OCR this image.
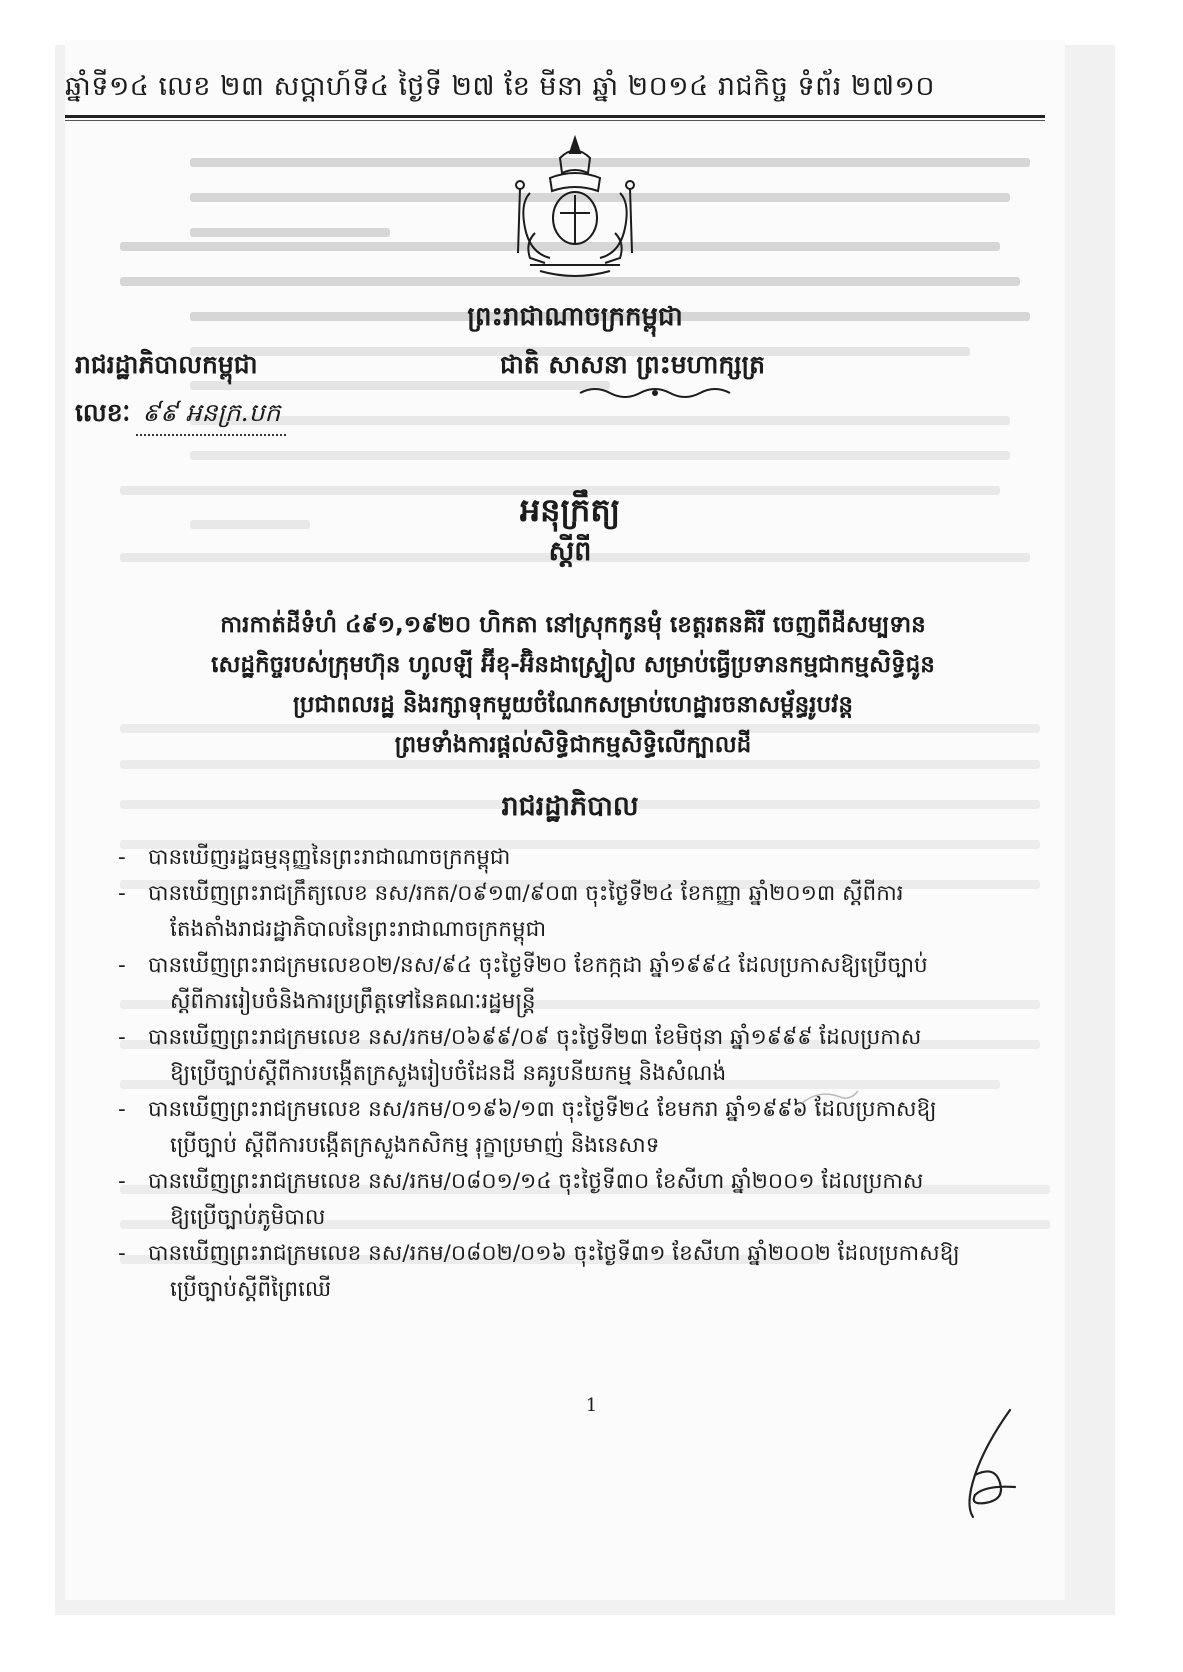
ឆ្នាំទី១៤ លេខ ២៣ សប្តាហ៍ទី៤ ថ្ងៃទី ២៧ ខែ មីនា ឆ្នាំ ២០១៤ រាជកិច្ច ទំព័រ ២៧១០
ព្រះរាជាណាចក្រកម្ពុជា
រាជរដ្ឋាភិបាលកម្ពុជា	ជាតិ សាសនា ព្រះមហាក្សត្រ
លេខៈ ៩៩ អនក្រ.បក
អនុក្រឹត្យ
ស្តីពី
ការកាត់ដីទំហំ ៤៩១,១៩២០ ហិកតា នៅស្រុកកូនមុំ ខេត្តរតនគិរី ចេញពីដីសម្បទាន
សេដ្ឋកិច្ចរបស់ក្រុមហ៊ុន ហូលឡី អ៊ីខុ-អ៊ិនដាស្ទ្រៀល សម្រាប់ធ្វើប្រទានកម្មជាកម្មសិទ្ធិជូន
ប្រជាពលរដ្ឋ និងរក្សាទុកមួយចំណែកសម្រាប់ហេដ្ឋារចនាសម្ព័ន្ធរូបវន្ត
ព្រមទាំងការផ្តល់សិទ្ធិជាកម្មសិទ្ធិលើក្បាលដី
រាជរដ្ឋាភិបាល
- បានឃើញរដ្ឋធម្មនុញ្ញនៃព្រះរាជាណាចក្រកម្ពុជា
- បានឃើញព្រះរាជក្រឹត្យលេខ នស/រកត/០៩១៣/៩០៣ ចុះថ្ងៃទី២៤ ខែកញ្ញា ឆ្នាំ២០១៣ ស្តីពីការ
តែងតាំងរាជរដ្ឋាភិបាលនៃព្រះរាជាណាចក្រកម្ពុជា
- បានឃើញព្រះរាជក្រមលេខ០២/នស/៩៤ ចុះថ្ងៃទី២០ ខែកក្កដា ឆ្នាំ១៩៩៤ ដែលប្រកាសឱ្យប្រើច្បាប់
ស្តីពីការរៀបចំនិងការប្រព្រឹត្តទៅនៃគណៈរដ្ឋមន្ត្រី
- បានឃើញព្រះរាជក្រមលេខ នស/រកម/០៦៩៩/០៩ ចុះថ្ងៃទី២៣ ខែមិថុនា ឆ្នាំ១៩៩៩ ដែលប្រកាស
ឱ្យប្រើច្បាប់ស្តីពីការបង្កើតក្រសួងរៀបចំដែនដី នគរូបនីយកម្ម និងសំណង់
- បានឃើញព្រះរាជក្រមលេខ នស/រកម/០១៩៦/១៣ ចុះថ្ងៃទី២៤ ខែមករា ឆ្នាំ១៩៩៦ ដែលប្រកាសឱ្យ
ប្រើច្បាប់ ស្តីពីការបង្កើតក្រសួងកសិកម្ម រុក្ខាប្រមាញ់ និងនេសាទ
- បានឃើញព្រះរាជក្រមលេខ នស/រកម/០៨០១/១៤ ចុះថ្ងៃទី៣០ ខែសីហា ឆ្នាំ២០០១ ដែលប្រកាស
ឱ្យប្រើច្បាប់ភូមិបាល
- បានឃើញព្រះរាជក្រមលេខ នស/រកម/០៨០២/០១៦ ចុះថ្ងៃទី៣១ ខែសីហា ឆ្នាំ២០០២ ដែលប្រកាសឱ្យ
ប្រើច្បាប់ស្តីពីព្រៃឈើ
1
